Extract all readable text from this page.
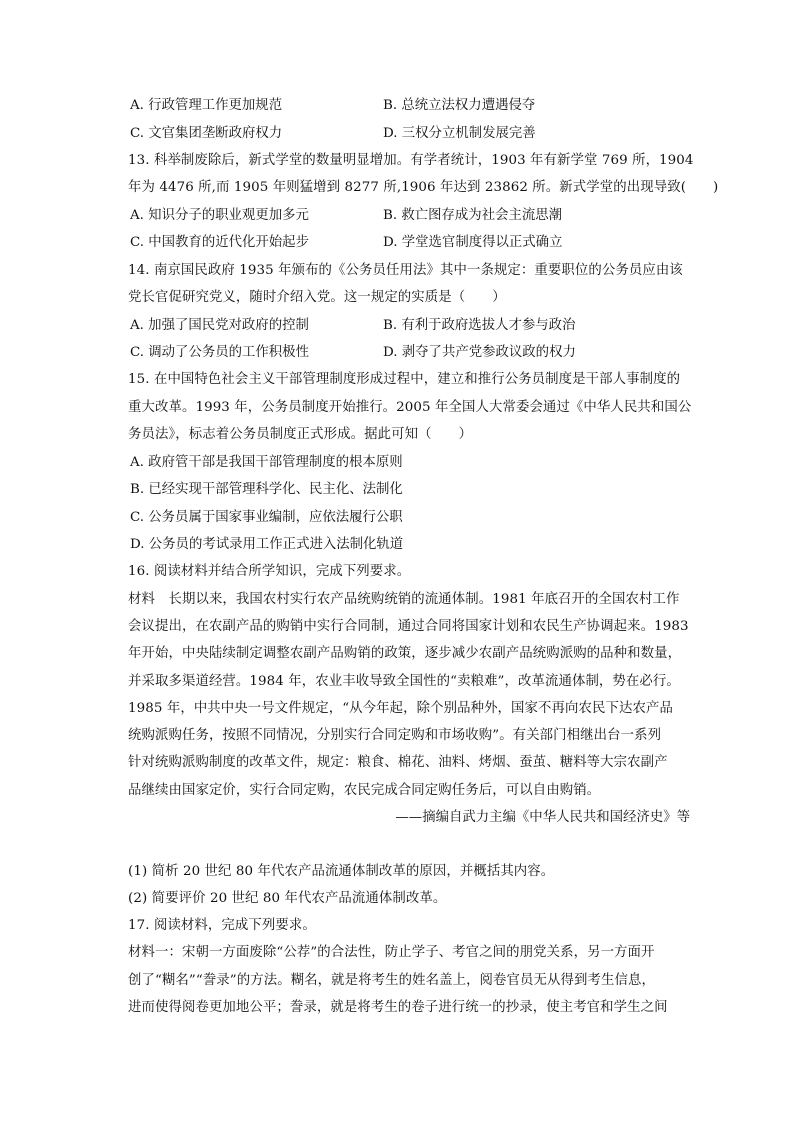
A. 行政管理工作更加规范	B. 总统立法权力遭遇侵夺
C. 文官集团垄断政府权力	D. 三权分立机制发展完善
13. 科举制废除后，新式学堂的数量明显增加。有学者统计，1903 年有新学堂 769 所，1904
年为 4476 所,而 1905 年则猛增到 8277 所,1906 年达到 23862 所。新式学堂的出现导致(　　)
A. 知识分子的职业观更加多元	B. 救亡图存成为社会主流思潮
C. 中国教育的近代化开始起步	D. 学堂选官制度得以正式确立
14. 南京国民政府 1935 年颁布的《公务员任用法》其中一条规定：重要职位的公务员应由该
党长官促研究党义，随时介绍入党。这一规定的实质是（　　）
A. 加强了国民党对政府的控制	B. 有利于政府选拔人才参与政治
C. 调动了公务员的工作积极性	D. 剥夺了共产党参政议政的权力
15. 在中国特色社会主义干部管理制度形成过程中，建立和推行公务员制度是干部人事制度的
重大改革。1993 年，公务员制度开始推行。2005 年全国人大常委会通过《中华人民共和国公
务员法》，标志着公务员制度正式形成。据此可知（　　）
A. 政府管干部是我国干部管理制度的根本原则
B. 已经实现干部管理科学化、民主化、法制化
C. 公务员属于国家事业编制，应依法履行公职
D. 公务员的考试录用工作正式进入法制化轨道
16. 阅读材料并结合所学知识，完成下列要求。
材料　长期以来，我国农村实行农产品统购统销的流通体制。1981 年底召开的全国农村工作
会议提出，在农副产品的购销中实行合同制，通过合同将国家计划和农民生产协调起来。1983
年开始，中央陆续制定调整农副产品购销的政策，逐步减少农副产品统购派购的品种和数量，
并采取多渠道经营。1984 年，农业丰收导致全国性的“卖粮难”，改革流通体制，势在必行。
1985 年，中共中央一号文件规定，“从今年起，除个别品种外，国家不再向农民下达农产品
统购派购任务，按照不同情况，分别实行合同定购和市场收购”。有关部门相继出台一系列
针对统购派购制度的改革文件，规定：粮食、棉花、油料、烤烟、蚕茧、糖料等大宗农副产
品继续由国家定价，实行合同定购，农民完成合同定购任务后，可以自由购销。
——摘编自武力主编《中华人民共和国经济史》等
(1) 简析 20 世纪 80 年代农产品流通体制改革的原因，并概括其内容。
(2) 简要评价 20 世纪 80 年代农产品流通体制改革。
17. 阅读材料，完成下列要求。
材料一：宋朝一方面废除“公荐”的合法性，防止学子、考官之间的朋党关系，另一方面开
创了“糊名”“誊录”的方法。糊名，就是将考生的姓名盖上，阅卷官员无从得到考生信息，
进而使得阅卷更加地公平；誊录，就是将考生的卷子进行统一的抄录，使主考官和学生之间
